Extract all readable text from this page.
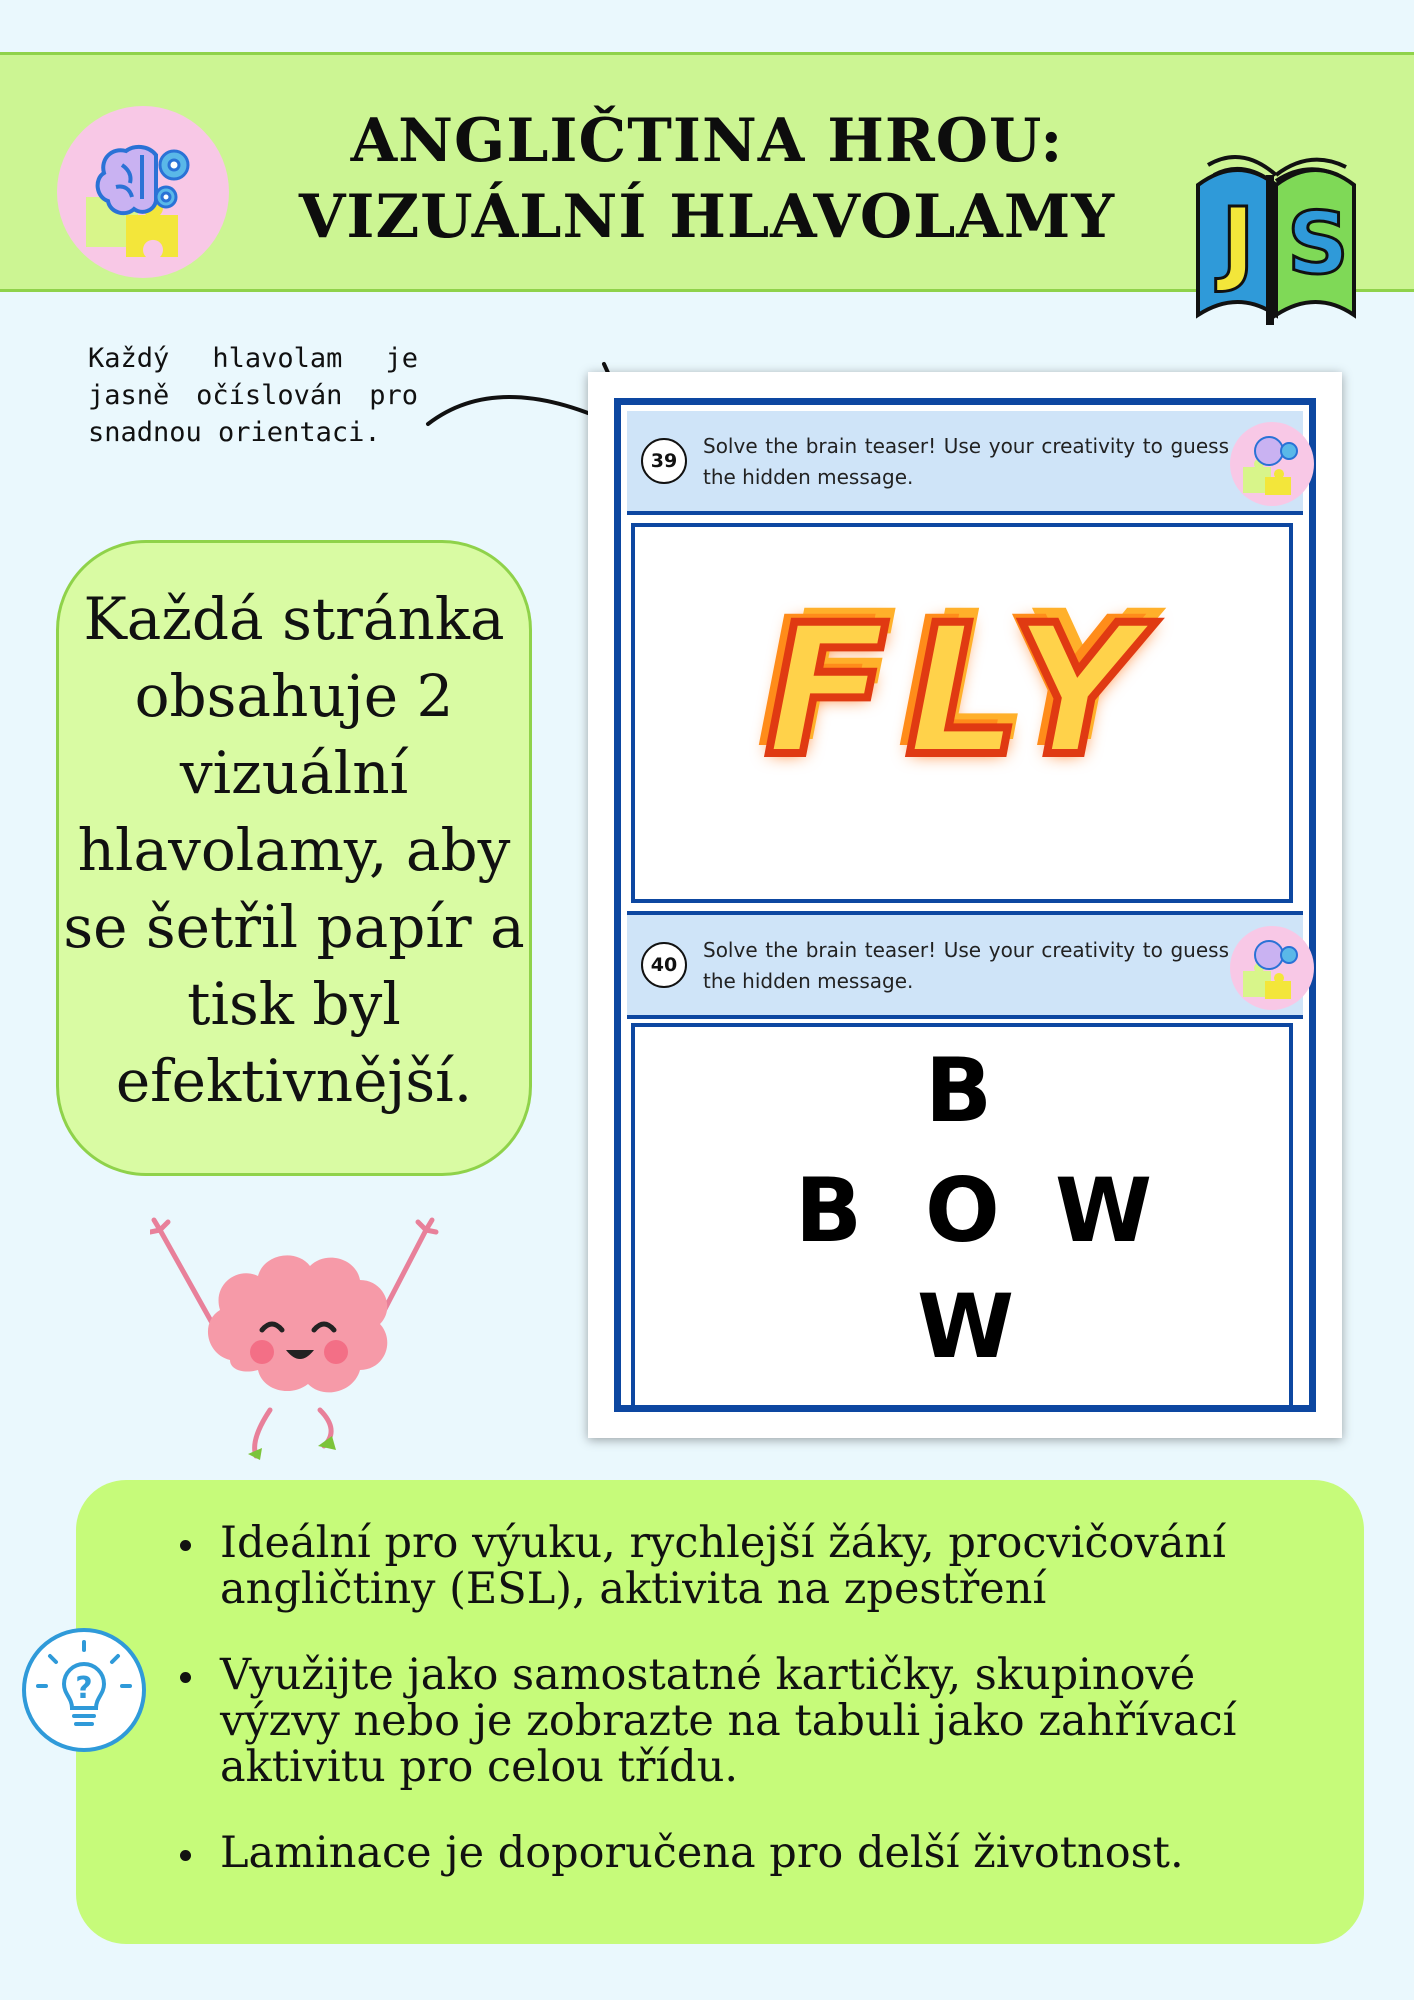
ANGLIČTINA HROU:
VIZUÁLNÍ HLAVOLAMY	J S
Každý hlavolam je jasně očíslován pro snadnou orientaci.
Každá stránka
obsahuje 2
vizuální
hlavolamy, aby
se šetřil papír a
tisk byl
efektivnější.
39
Solve the brain teaser! Use your creativity to guess the hidden message.
FLY
40
Solve the brain teaser! Use your creativity to guess the hidden message.
B
B O W
W
?
Ideální pro výuku, rychlejší žáky, procvičování angličtiny (ESL), aktivita na zpestření
Využijte jako samostatné kartičky, skupinové výzvy nebo je zobrazte na tabuli jako zahřívací aktivitu pro celou třídu.
Laminace je doporučena pro delší životnost.
